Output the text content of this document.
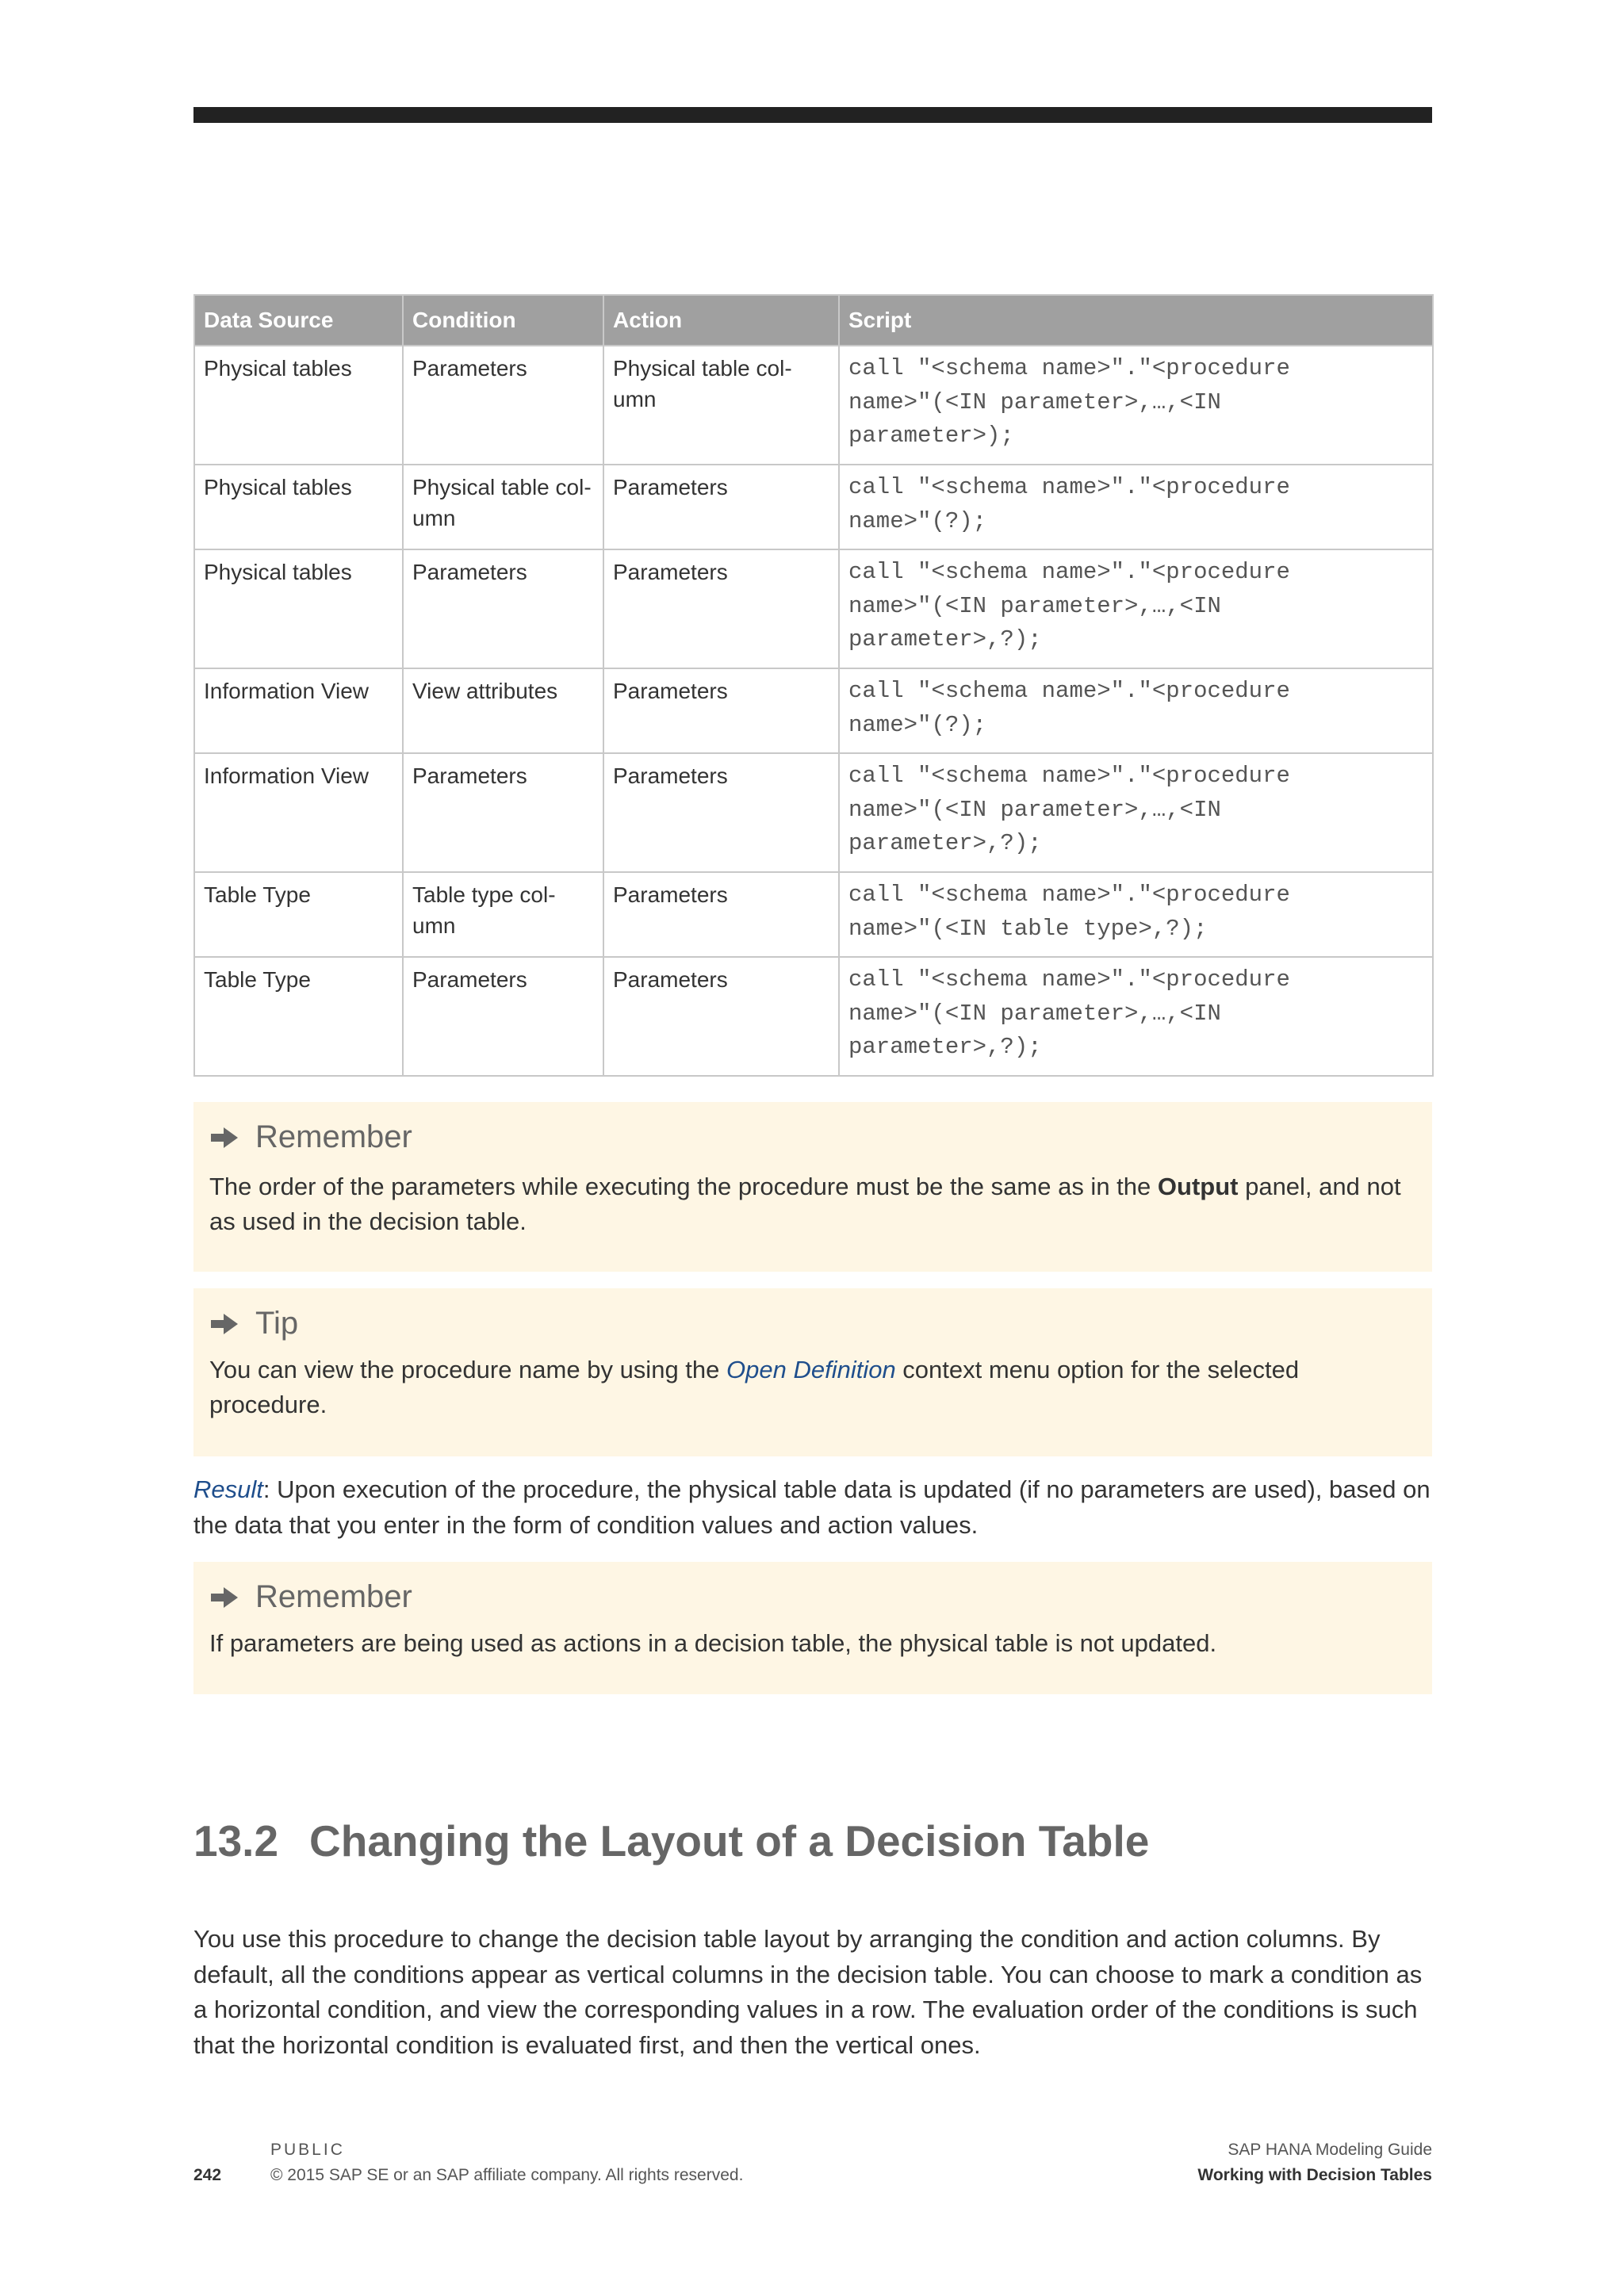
Data Source	Condition	Action	Script
Physical tables	Parameters	Physical table col-
umn	call "<schema name>"."<procedure
name>"(<IN parameter>,…,<IN
parameter>);
Physical tables	Physical table col-
umn	Parameters	call "<schema name>"."<procedure
name>"(?);
Physical tables	Parameters	Parameters	call "<schema name>"."<procedure
name>"(<IN parameter>,…,<IN
parameter>,?);
Information View	View attributes	Parameters	call "<schema name>"."<procedure
name>"(?);
Information View	Parameters	Parameters	call "<schema name>"."<procedure
name>"(<IN parameter>,…,<IN
parameter>,?);
Table Type	Table type col-
umn	Parameters	call "<schema name>"."<procedure
name>"(<IN table type>,?);
Table Type	Parameters	Parameters	call "<schema name>"."<procedure
name>"(<IN parameter>,…,<IN
parameter>,?);
Remember
The order of the parameters while executing the procedure must be the same as in the Output panel, and not as used in the decision table.
Tip
You can view the procedure name by using the Open Definition context menu option for the selected procedure.
Result: Upon execution of the procedure, the physical table data is updated (if no parameters are used), based on the data that you enter in the form of condition values and action values.
Remember
If parameters are being used as actions in a decision table, the physical table is not updated.
13.2 Changing the Layout of a Decision Table
You use this procedure to change the decision table layout by arranging the condition and action columns. By default, all the conditions appear as vertical columns in the decision table. You can choose to mark a condition as a horizontal condition, and view the corresponding values in a row. The evaluation order of the conditions is such that the horizontal condition is evaluated first, and then the vertical ones.
242
PUBLIC
© 2015 SAP SE or an SAP affiliate company. All rights reserved.
SAP HANA Modeling Guide
Working with Decision Tables
